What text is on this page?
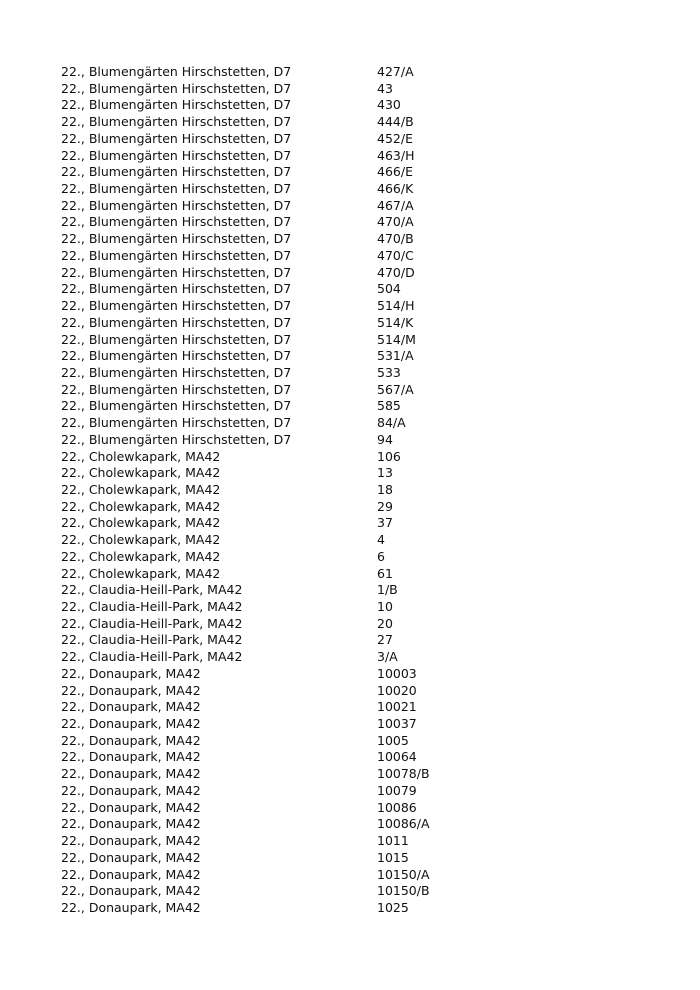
22., Blumengärten Hirschstetten, D7	427/A
22., Blumengärten Hirschstetten, D7	43
22., Blumengärten Hirschstetten, D7	430
22., Blumengärten Hirschstetten, D7	444/B
22., Blumengärten Hirschstetten, D7	452/E
22., Blumengärten Hirschstetten, D7	463/H
22., Blumengärten Hirschstetten, D7	466/E
22., Blumengärten Hirschstetten, D7	466/K
22., Blumengärten Hirschstetten, D7	467/A
22., Blumengärten Hirschstetten, D7	470/A
22., Blumengärten Hirschstetten, D7	470/B
22., Blumengärten Hirschstetten, D7	470/C
22., Blumengärten Hirschstetten, D7	470/D
22., Blumengärten Hirschstetten, D7	504
22., Blumengärten Hirschstetten, D7	514/H
22., Blumengärten Hirschstetten, D7	514/K
22., Blumengärten Hirschstetten, D7	514/M
22., Blumengärten Hirschstetten, D7	531/A
22., Blumengärten Hirschstetten, D7	533
22., Blumengärten Hirschstetten, D7	567/A
22., Blumengärten Hirschstetten, D7	585
22., Blumengärten Hirschstetten, D7	84/A
22., Blumengärten Hirschstetten, D7	94
22., Cholewkapark, MA42	106
22., Cholewkapark, MA42	13
22., Cholewkapark, MA42	18
22., Cholewkapark, MA42	29
22., Cholewkapark, MA42	37
22., Cholewkapark, MA42	4
22., Cholewkapark, MA42	6
22., Cholewkapark, MA42	61
22., Claudia-Heill-Park, MA42	1/B
22., Claudia-Heill-Park, MA42	10
22., Claudia-Heill-Park, MA42	20
22., Claudia-Heill-Park, MA42	27
22., Claudia-Heill-Park, MA42	3/A
22., Donaupark, MA42	10003
22., Donaupark, MA42	10020
22., Donaupark, MA42	10021
22., Donaupark, MA42	10037
22., Donaupark, MA42	1005
22., Donaupark, MA42	10064
22., Donaupark, MA42	10078/B
22., Donaupark, MA42	10079
22., Donaupark, MA42	10086
22., Donaupark, MA42	10086/A
22., Donaupark, MA42	1011
22., Donaupark, MA42	1015
22., Donaupark, MA42	10150/A
22., Donaupark, MA42	10150/B
22., Donaupark, MA42	1025
